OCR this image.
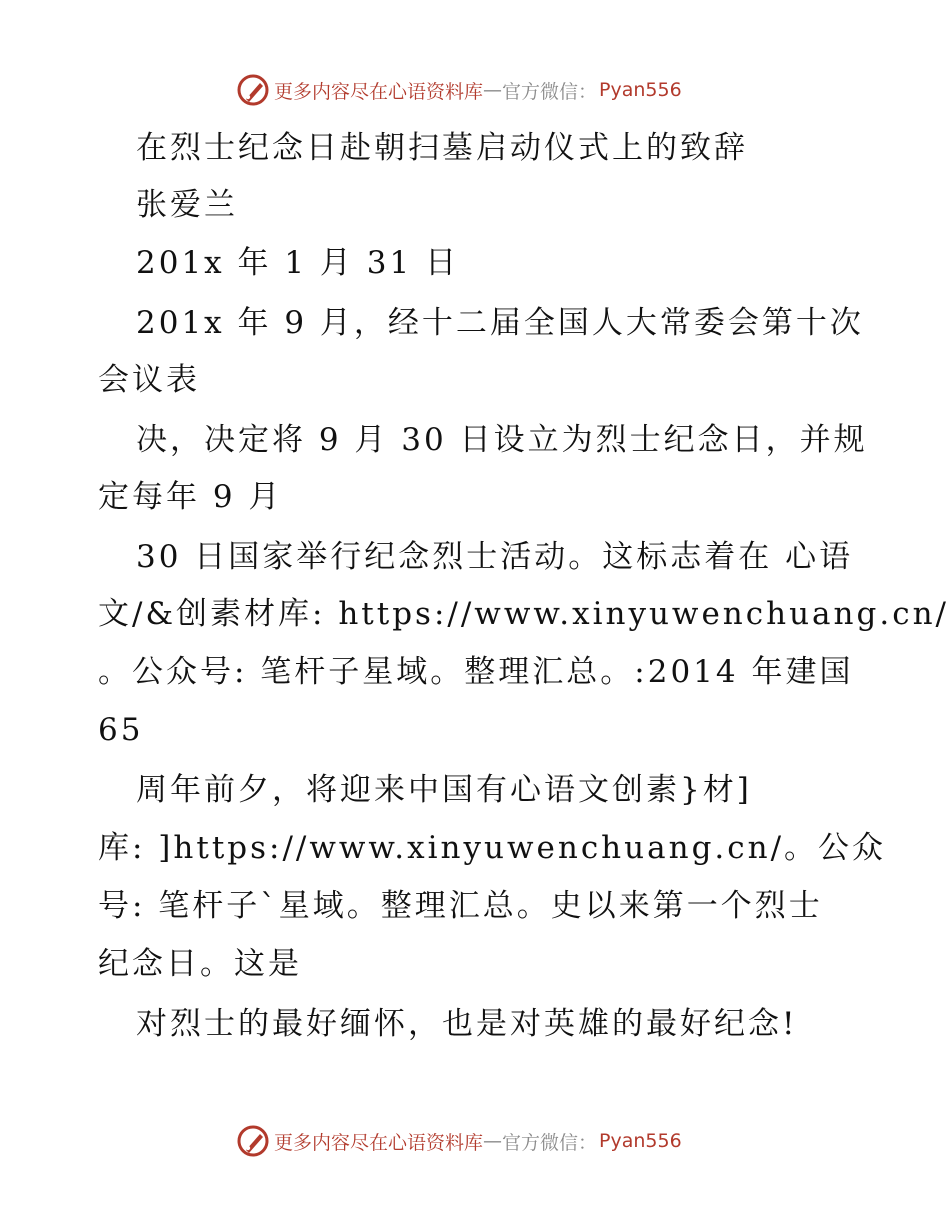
更多内容尽在心语资料库 — 官方微信： Pyan556
在烈士纪念日赴朝扫墓启动仪式上的致辞
张爱兰
201x 年 1 月 31 日
201x 年 9 月，经十二届全国人大常委会第十次
会议表
决，决定将 9 月 30 日设立为烈士纪念日，并规
定每年 9 月
30 日国家举行纪念烈士活动。这标志着在 心语
文/&创素材库: https://www.xinyuwenchuang.cn/
。公众号: 笔杆子星域。整理汇总。:2014 年建国
65
周年前夕，将迎来中国有心语文创素}材]
库: ]https://www.xinyuwenchuang.cn/。公众
号: 笔杆子`星域。整理汇总。史以来第一个烈士
纪念日。这是
对烈士的最好缅怀，也是对英雄的最好纪念!
更多内容尽在心语资料库 — 官方微信： Pyan556
